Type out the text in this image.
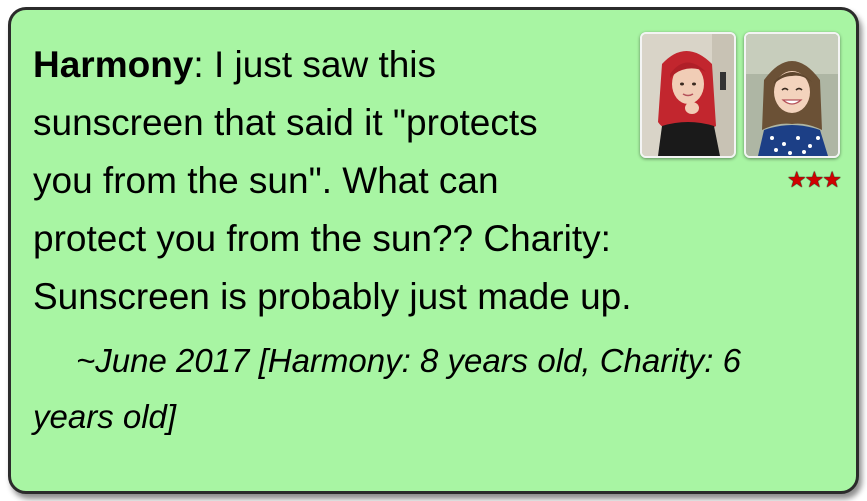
Harmony: I just saw this
sunscreen that said it "protects
you from the sun". What can
protect you from the sun?? Charity:
Sunscreen is probably just made up.

~June 2017 [Harmony: 8 years old, Charity: 6
years old]
★★★
